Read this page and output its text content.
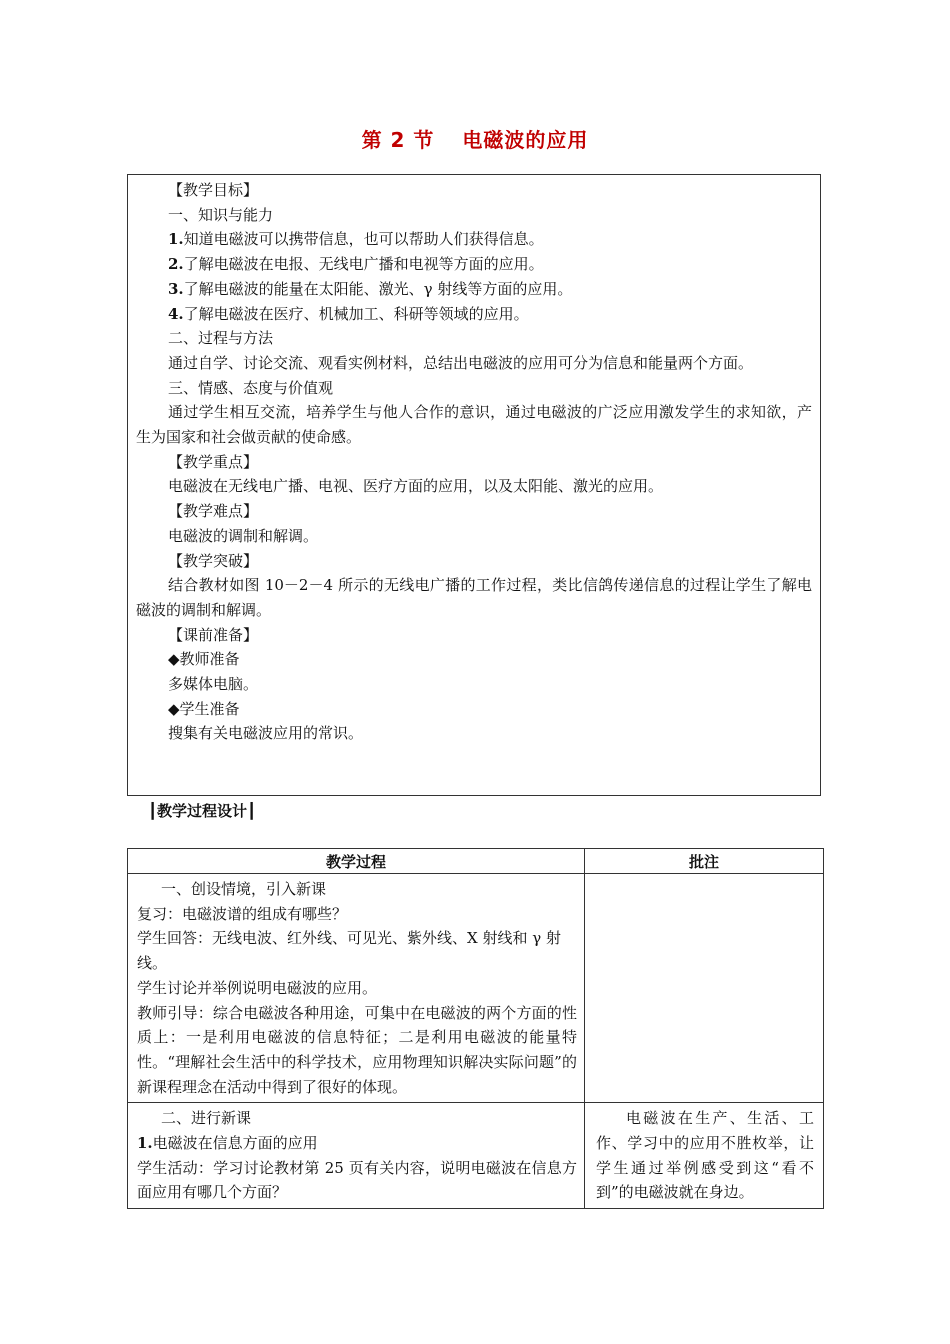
第 2 节 电磁波的应用
【教学目标】
一、知识与能力
1.知道电磁波可以携带信息，也可以帮助人们获得信息。
2.了解电磁波在电报、无线电广播和电视等方面的应用。
3.了解电磁波的能量在太阳能、激光、γ 射线等方面的应用。
4.了解电磁波在医疗、机械加工、科研等领域的应用。
二、过程与方法
通过自学、讨论交流、观看实例材料，总结出电磁波的应用可分为信息和能量两个方面。
三、情感、态度与价值观
通过学生相互交流，培养学生与他人合作的意识，通过电磁波的广泛应用激发学生的求知欲，产生为国家和社会做贡献的使命感。
【教学重点】
电磁波在无线电广播、电视、医疗方面的应用，以及太阳能、激光的应用。
【教学难点】
电磁波的调制和解调。
【教学突破】
结合教材如图 10－2－4 所示的无线电广播的工作过程，类比信鸽传递信息的过程让学生了解电磁波的调制和解调。
【课前准备】
◆教师准备
多媒体电脑。
◆学生准备
搜集有关电磁波应用的常识。
┃教学过程设计┃
教学过程	批注

一、创设情境，引入新课
复习：电磁波谱的组成有哪些？
学生回答：无线电波、红外线、可见光、紫外线、X 射线和 γ 射线。
学生讨论并举例说明电磁波的应用。
教师引导：综合电磁波各种用途，可集中在电磁波的两个方面的性质上：一是利用电磁波的信息特征；二是利用电磁波的能量特性。“理解社会生活中的科学技术，应用物理知识解决实际问题”的新课程理念在活动中得到了很好的体现。	

二、进行新课
1.电磁波在信息方面的应用
学生活动：学习讨论教材第 25 页有关内容，说明电磁波在信息方面应用有哪几个方面？	电磁波在生产、生活、工作、学习中的应用不胜枚举，让学生通过举例感受到这“看不到”的电磁波就在身边。
